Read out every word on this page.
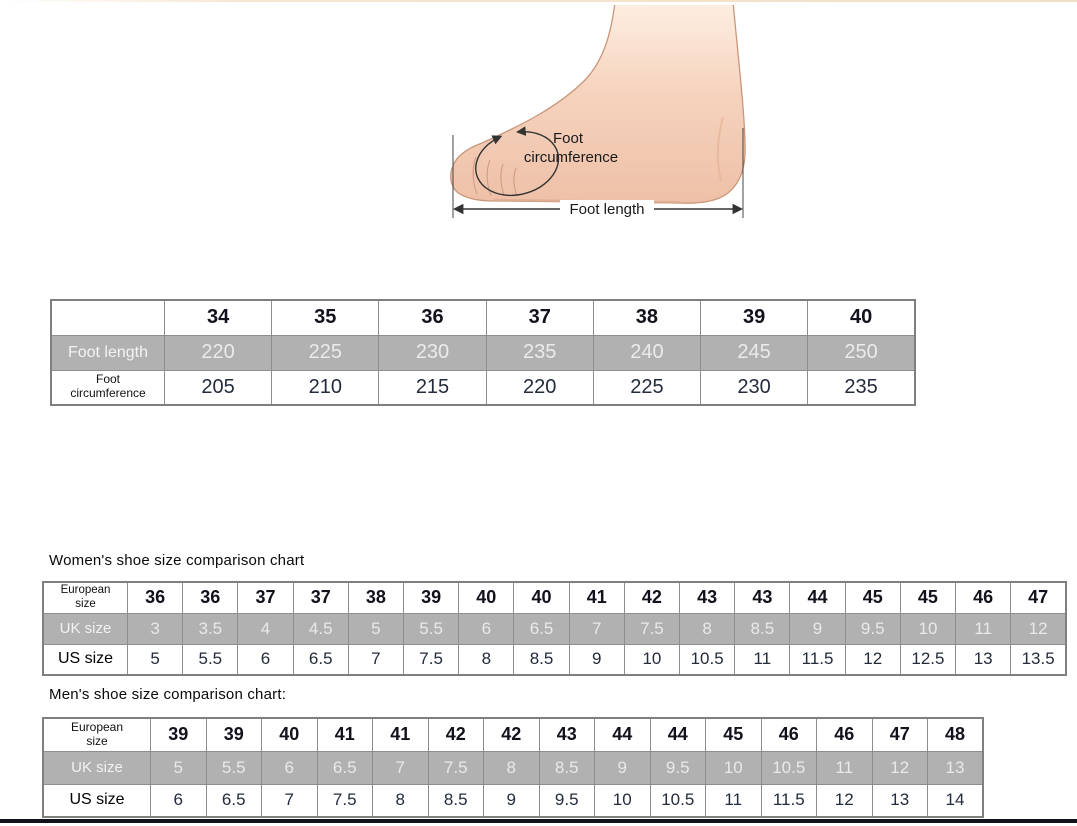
Foot
circumference
Foot length
	34	35	36	37	38	39	40
Foot length	220	225	230	235	240	245	250
Foot circumference	205	210	215	220	225	230	235
Women's shoe size comparison chart
European size	36	36	37	37	38	39	40	40	41	42	43	43	44	45	45	46	47
UK size	3	3.5	4	4.5	5	5.5	6	6.5	7	7.5	8	8.5	9	9.5	10	11	12
US size	5	5.5	6	6.5	7	7.5	8	8.5	9	10	10.5	11	11.5	12	12.5	13	13.5
Men's shoe size comparison chart:
European size	39	39	40	41	41	42	42	43	44	44	45	46	46	47	48
UK size	5	5.5	6	6.5	7	7.5	8	8.5	9	9.5	10	10.5	11	12	13
US size	6	6.5	7	7.5	8	8.5	9	9.5	10	10.5	11	11.5	12	13	14
